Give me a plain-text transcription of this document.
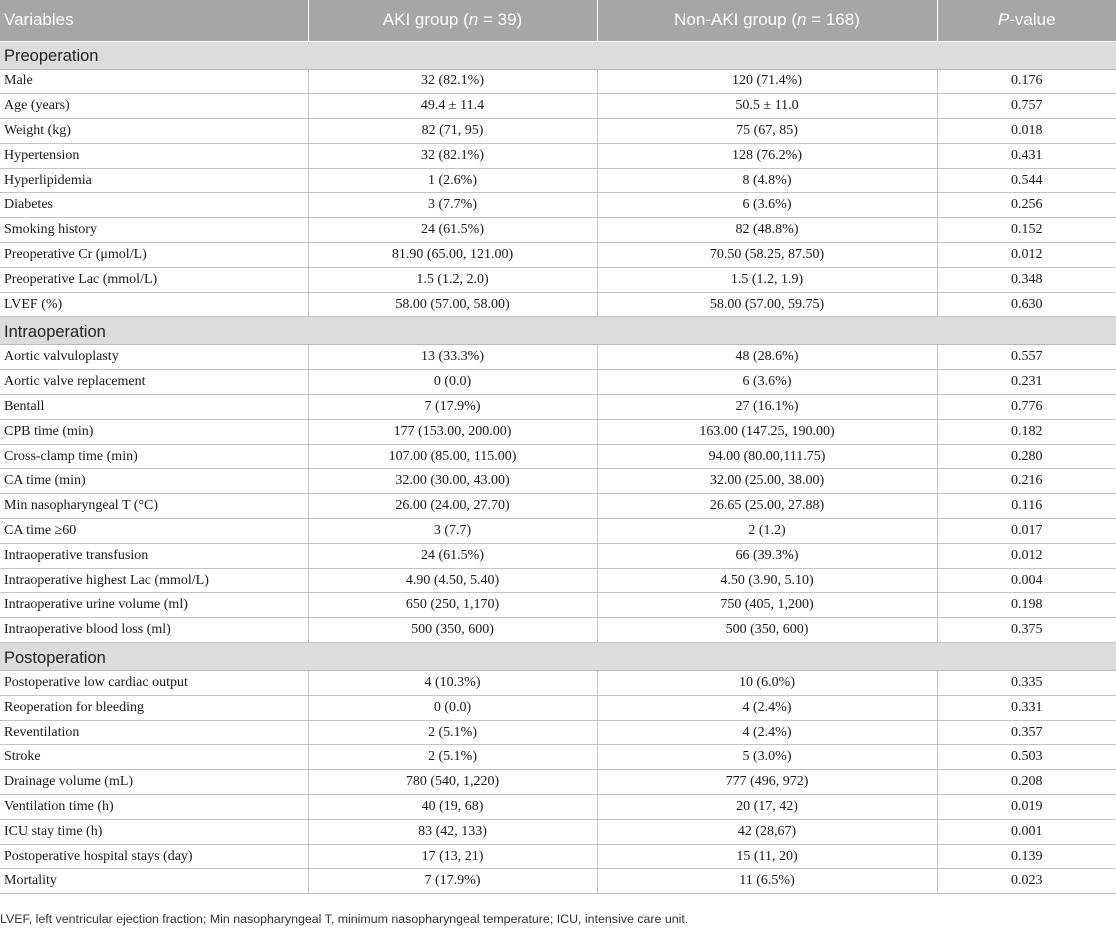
Variables	AKI group (n = 39)	Non-AKI group (n = 168)	P-value
Preoperation			
Male	32 (82.1%)	120 (71.4%)	0.176
Age (years)	49.4 ± 11.4	50.5 ± 11.0	0.757
Weight (kg)	82 (71, 95)	75 (67, 85)	0.018
Hypertension	32 (82.1%)	128 (76.2%)	0.431
Hyperlipidemia	1 (2.6%)	8 (4.8%)	0.544
Diabetes	3 (7.7%)	6 (3.6%)	0.256
Smoking history	24 (61.5%)	82 (48.8%)	0.152
Preoperative Cr (μmol/L)	81.90 (65.00, 121.00)	70.50 (58.25, 87.50)	0.012
Preoperative Lac (mmol/L)	1.5 (1.2, 2.0)	1.5 (1.2, 1.9)	0.348
LVEF (%)	58.00 (57.00, 58.00)	58.00 (57.00, 59.75)	0.630
Intraoperation			
Aortic valvuloplasty	13 (33.3%)	48 (28.6%)	0.557
Aortic valve replacement	0 (0.0)	6 (3.6%)	0.231
Bentall	7 (17.9%)	27 (16.1%)	0.776
CPB time (min)	177 (153.00, 200.00)	163.00 (147.25, 190.00)	0.182
Cross-clamp time (min)	107.00 (85.00, 115.00)	94.00 (80.00,111.75)	0.280
CA time (min)	32.00 (30.00, 43.00)	32.00 (25.00, 38.00)	0.216
Min nasopharyngeal T (°C)	26.00 (24.00, 27.70)	26.65 (25.00, 27.88)	0.116
CA time ≥60	3 (7.7)	2 (1.2)	0.017
Intraoperative transfusion	24 (61.5%)	66 (39.3%)	0.012
Intraoperative highest Lac (mmol/L)	4.90 (4.50, 5.40)	4.50 (3.90, 5.10)	0.004
Intraoperative urine volume (ml)	650 (250, 1,170)	750 (405, 1,200)	0.198
Intraoperative blood loss (ml)	500 (350, 600)	500 (350, 600)	0.375
Postoperation			
Postoperative low cardiac output	4 (10.3%)	10 (6.0%)	0.335
Reoperation for bleeding	0 (0.0)	4 (2.4%)	0.331
Reventilation	2 (5.1%)	4 (2.4%)	0.357
Stroke	2 (5.1%)	5 (3.0%)	0.503
Drainage volume (mL)	780 (540, 1,220)	777 (496, 972)	0.208
Ventilation time (h)	40 (19, 68)	20 (17, 42)	0.019
ICU stay time (h)	83 (42, 133)	42 (28,67)	0.001
Postoperative hospital stays (day)	17 (13, 21)	15 (11, 20)	0.139
Mortality	7 (17.9%)	11 (6.5%)	0.023
LVEF, left ventricular ejection fraction; Min nasopharyngeal T, minimum nasopharyngeal temperature; ICU, intensive care unit.
